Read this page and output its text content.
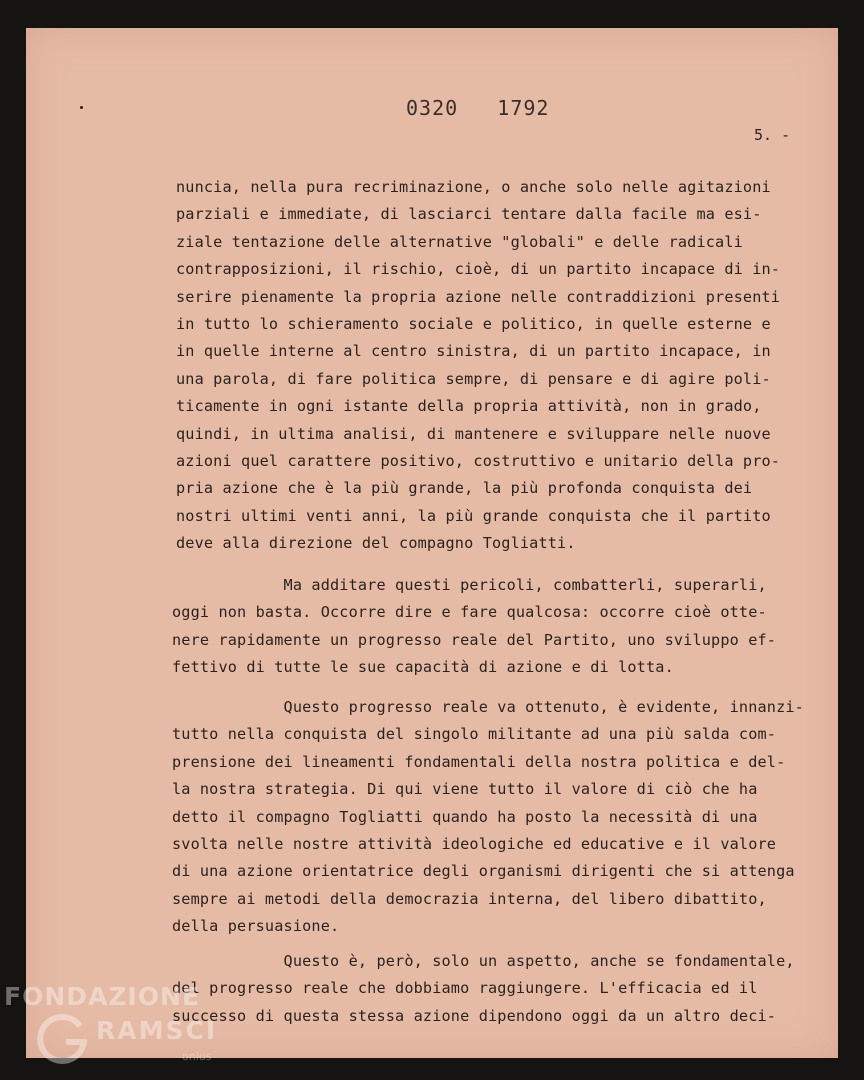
0320   1792
5. -
nuncia, nella pura recriminazione, o anche solo nelle agitazioni
parziali e immediate, di lasciarci tentare dalla facile ma esi-
ziale tentazione delle alternative "globali" e delle radicali
contrapposizioni, il rischio, cioè, di un partito incapace di in-
serire pienamente la propria azione nelle contraddizioni presenti
in tutto lo schieramento sociale e politico, in quelle esterne e
in quelle interne al centro sinistra, di un partito incapace, in
una parola, di fare politica sempre, di pensare e di agire poli-
ticamente in ogni istante della propria attività, non in grado,
quindi, in ultima analisi, di mantenere e sviluppare nelle nuove
azioni quel carattere positivo, costruttivo e unitario della pro-
pria azione che è la più grande, la più profonda conquista dei
nostri ultimi venti anni, la più grande conquista che il partito
deve alla direzione del compagno Togliatti.
Ma additare questi pericoli, combatterli, superarli,
oggi non basta. Occorre dire e fare qualcosa: occorre cioè otte-
nere rapidamente un progresso reale del Partito, uno sviluppo ef-
fettivo di tutte le sue capacità di azione e di lotta.
Questo progresso reale va ottenuto, è evidente, innanzi-
tutto nella conquista del singolo militante ad una più salda com-
prensione dei lineamenti fondamentali della nostra politica e del-
la nostra strategia. Di qui viene tutto il valore di ciò che ha
detto il compagno Togliatti quando ha posto la necessità di una
svolta nelle nostre attività ideologiche ed educative e il valore
di una azione orientatrice degli organismi dirigenti che si attenga
sempre ai metodi della democrazia interna, del libero dibattito,
della persuasione.
Questo è, però, solo un aspetto, anche se fondamentale,
del progresso reale che dobbiamo raggiungere. L'efficacia ed il
successo di questa stessa azione dipendono oggi da un altro deci-
FONDAZIONE
RAMSCI
onlus
